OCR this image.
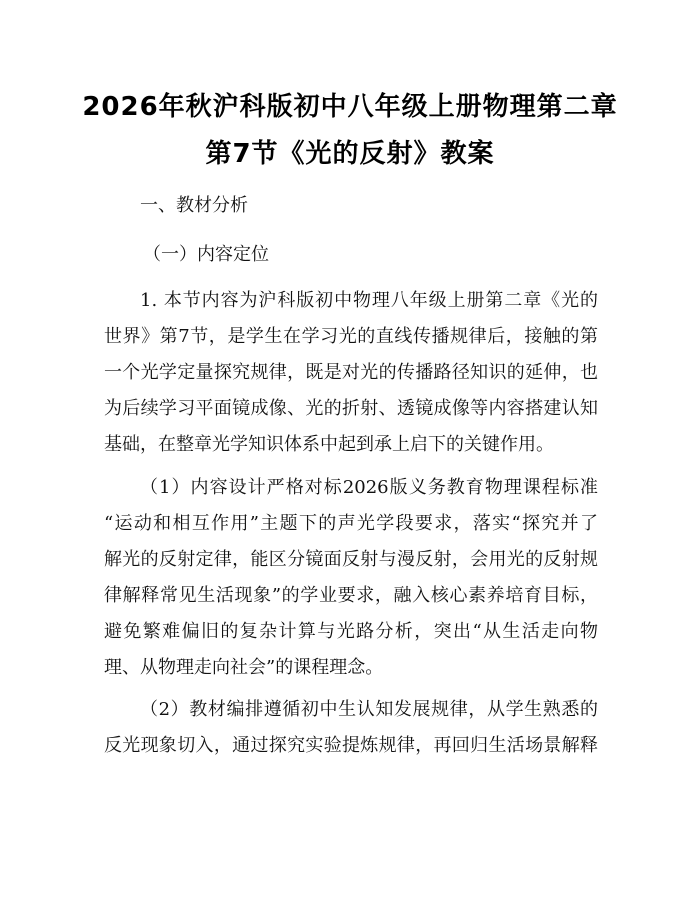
2026年秋沪科版初中八年级上册物理第二章
第7节《光的反射》教案
一、教材分析
（一）内容定位
1. 本节内容为沪科版初中物理八年级上册第二章《光的
世界》第7节，是学生在学习光的直线传播规律后，接触的第
一个光学定量探究规律，既是对光的传播路径知识的延伸，也
为后续学习平面镜成像、光的折射、透镜成像等内容搭建认知
基础，在整章光学知识体系中起到承上启下的关键作用。
（1）内容设计严格对标2026版义务教育物理课程标准
“运动和相互作用”主题下的声光学段要求，落实“探究并了
解光的反射定律，能区分镜面反射与漫反射，会用光的反射规
律解释常见生活现象”的学业要求，融入核心素养培育目标，
避免繁难偏旧的复杂计算与光路分析，突出“从生活走向物
理、从物理走向社会”的课程理念。
（2）教材编排遵循初中生认知发展规律，从学生熟悉的
反光现象切入，通过探究实验提炼规律，再回归生活场景解释
